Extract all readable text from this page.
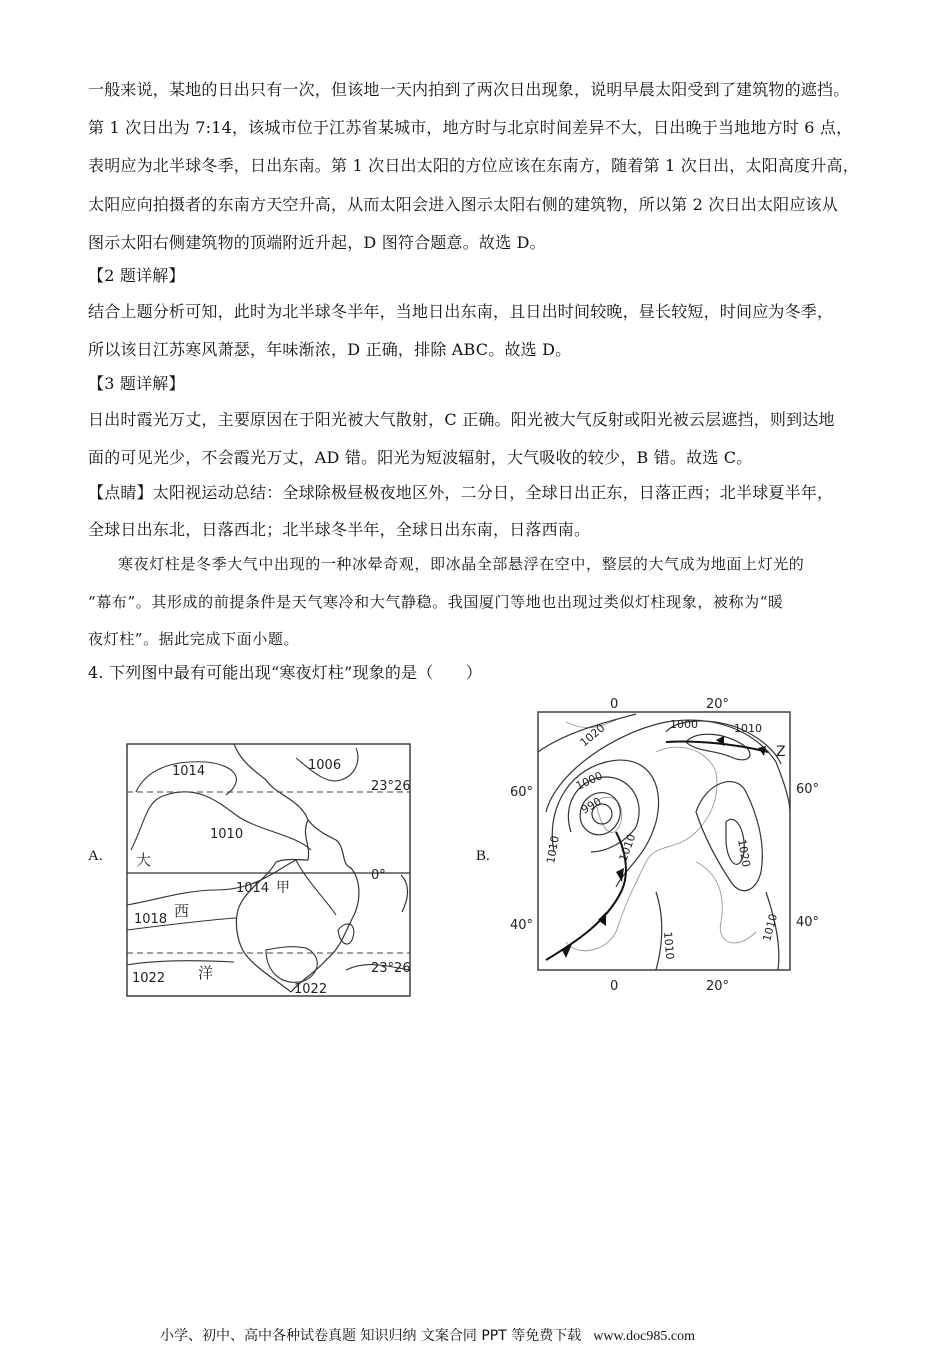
一般来说，某地的日出只有一次，但该地一天内拍到了两次日出现象，说明早晨太阳受到了建筑物的遮挡。
第 1 次日出为 7:14，该城市位于江苏省某城市，地方时与北京时间差异不大，日出晚于当地地方时 6 点，
表明应为北半球冬季，日出东南。第 1 次日出太阳的方位应该在东南方，随着第 1 次日出，太阳高度升高，
太阳应向拍摄者的东南方天空升高，从而太阳会进入图示太阳右侧的建筑物，所以第 2 次日出太阳应该从
图示太阳右侧建筑物的顶端附近升起，D 图符合题意。故选 D。
【2 题详解】
结合上题分析可知，此时为北半球冬半年，当地日出东南，且日出时间较晚，昼长较短，时间应为冬季，
所以该日江苏寒风萧瑟，年味渐浓，D 正确，排除 ABC。故选 D。
【3 题详解】
日出时霞光万丈，主要原因在于阳光被大气散射，C 正确。阳光被大气反射或阳光被云层遮挡，则到达地
面的可见光少，不会霞光万丈，AD 错。阳光为短波辐射，大气吸收的较少，B 错。故选 C。
【点睛】太阳视运动总结：全球除极昼极夜地区外，二分日，全球日出正东，日落正西；北半球夏半年，
全球日出东北，日落西北；北半球冬半年，全球日出东南，日落西南。
寒夜灯柱是冬季大气中出现的一种冰晕奇观，即冰晶全部悬浮在空中，整层的大气成为地面上灯光的
“幕布”。其形成的前提条件是天气寒冷和大气静稳。我国厦门等地也出现过类似灯柱现象，被称为“暖
夜灯柱”。据此完成下面小题。
4. 下列图中最有可能出现“寒夜灯柱”现象的是（　　）
A.	B.
1014	1006
1010
1014
1018
1022
1022
23°26
0°
23°26
大
西
洋
甲
0	20°
0	20°
60°
40°
60°
40°
1020	1000
1010
1000
990
1010
1010	1020
1010
1010
Z
小学、初中、高中各种试卷真题 知识归纳 文案合同 PPT 等免费下载 www.doc985.com
